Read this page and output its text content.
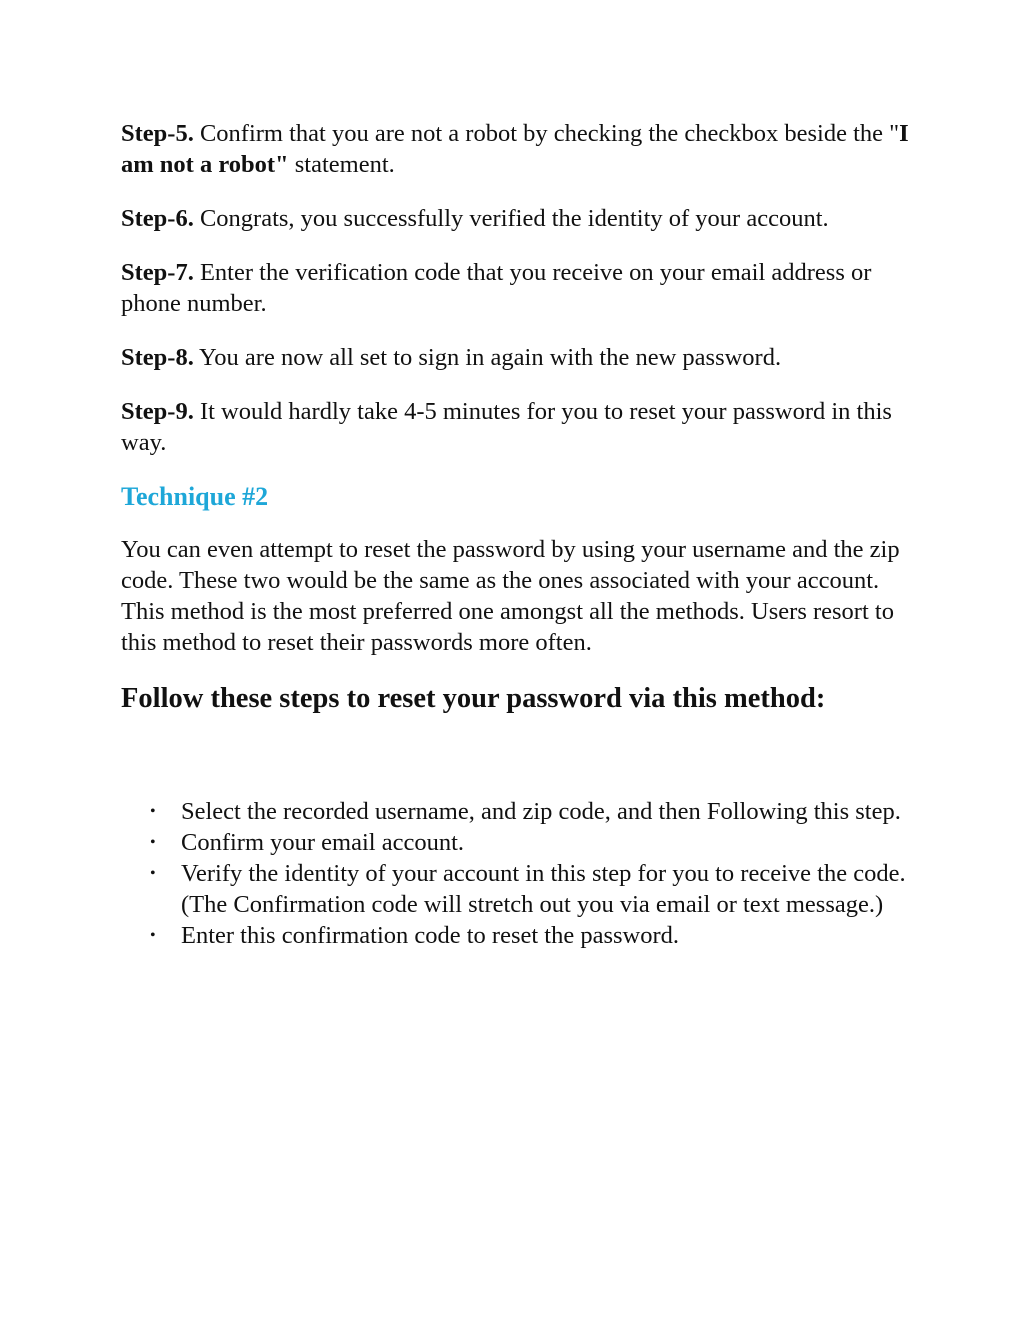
Step-5. Confirm that you are not a robot by checking the checkbox beside the "I am not a robot" statement.

Step-6. Congrats, you successfully verified the identity of your account.

Step-7. Enter the verification code that you receive on your email address or phone number.

Step-8. You are now all set to sign in again with the new password.

Step-9. It would hardly take 4-5 minutes for you to reset your password in this way.

Technique #2

You can even attempt to reset the password by using your username and the zip code. These two would be the same as the ones associated with your account. This method is the most preferred one amongst all the methods. Users resort to this method to reset their passwords more often.

Follow these steps to reset your password via this method:
• Select the recorded username, and zip code, and then Following this step.
• Confirm your email account.
• Verify the identity of your account in this step for you to receive the code. (The Confirmation code will stretch out you via email or text message.)
• Enter this confirmation code to reset the password.
